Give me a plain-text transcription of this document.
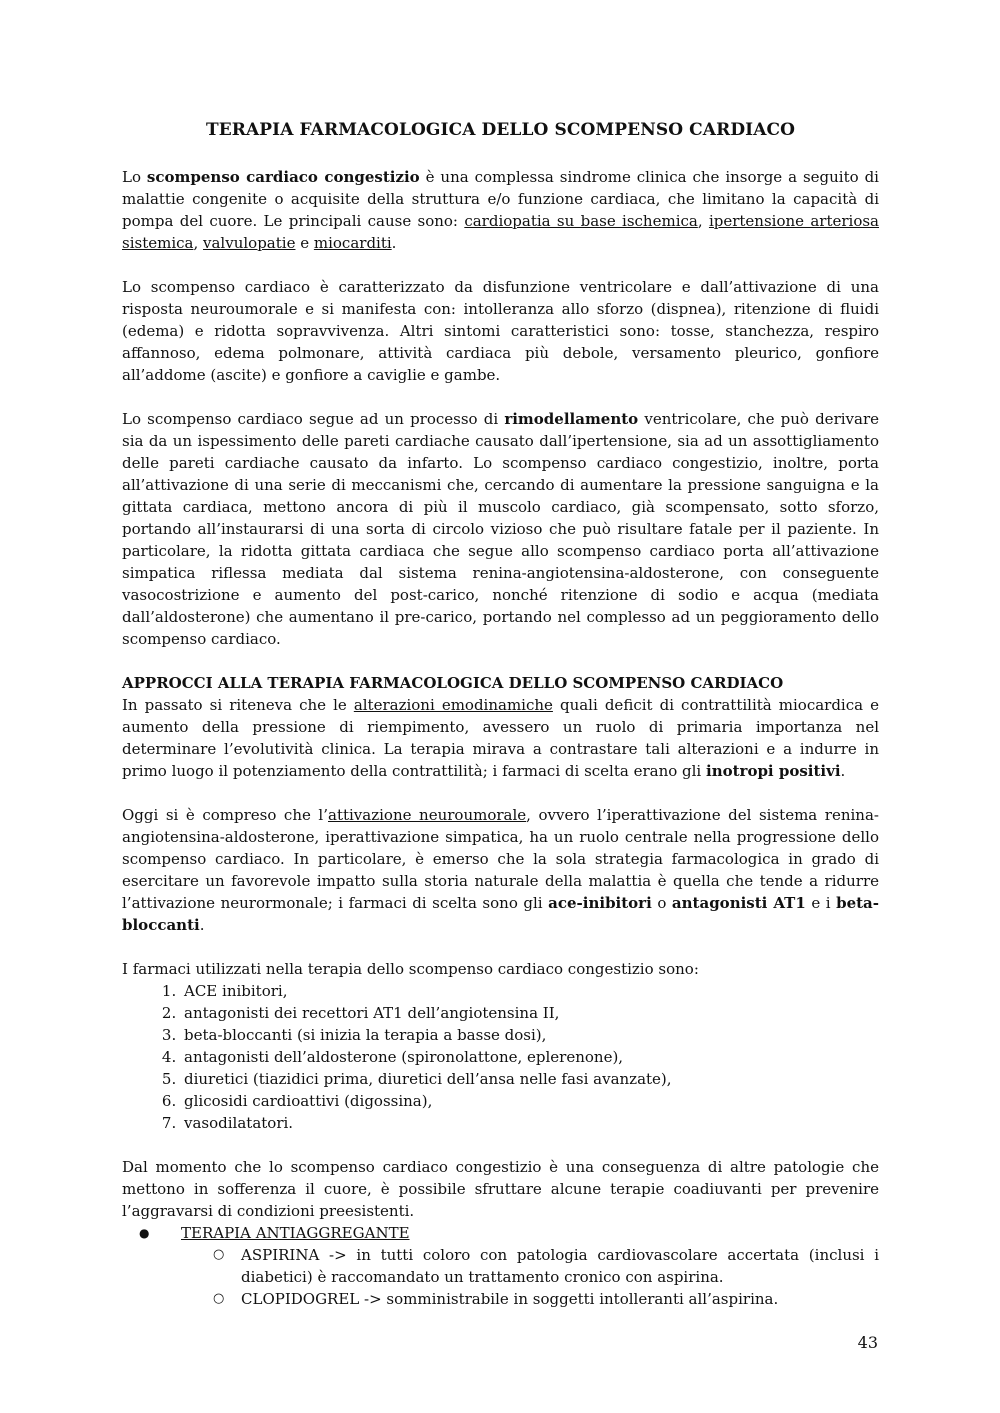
TERAPIA FARMACOLOGICA DELLO SCOMPENSO CARDIACO

Lo scompenso cardiaco congestizio è una complessa sindrome clinica che insorge a seguito di malattie congenite o acquisite della struttura e/o funzione cardiaca, che limitano la capacità di pompa del cuore. Le principali cause sono: cardiopatia su base ischemica, ipertensione arteriosa sistemica, valvulopatie e miocarditi.

Lo scompenso cardiaco è caratterizzato da disfunzione ventricolare e dall’attivazione di una risposta neuroumorale e si manifesta con: intolleranza allo sforzo (dispnea), ritenzione di fluidi (edema) e ridotta sopravvivenza. Altri sintomi caratteristici sono: tosse, stanchezza, respiro affannoso, edema polmonare, attività cardiaca più debole, versamento pleurico, gonfiore all’addome (ascite) e gonfiore a caviglie e gambe.

Lo scompenso cardiaco segue ad un processo di rimodellamento ventricolare, che può derivare sia da un ispessimento delle pareti cardiache causato dall’ipertensione, sia ad un assottigliamento delle pareti cardiache causato da infarto. Lo scompenso cardiaco congestizio, inoltre, porta all’attivazione di una serie di meccanismi che, cercando di aumentare la pressione sanguigna e la gittata cardiaca, mettono ancora di più il muscolo cardiaco, già scompensato, sotto sforzo, portando all’instaurarsi di una sorta di circolo vizioso che può risultare fatale per il paziente. In particolare, la ridotta gittata cardiaca che segue allo scompenso cardiaco porta all’attivazione simpatica riflessa mediata dal sistema renina-angiotensina-aldosterone, con conseguente vasocostrizione e aumento del post-carico, nonché ritenzione di sodio e acqua (mediata dall’aldosterone) che aumentano il pre-carico, portando nel complesso ad un peggioramento dello scompenso cardiaco.

APPROCCI ALLA TERAPIA FARMACOLOGICA DELLO SCOMPENSO CARDIACO

In passato si riteneva che le alterazioni emodinamiche quali deficit di contrattilità miocardica e aumento della pressione di riempimento, avessero un ruolo di primaria importanza nel determinare l’evolutività clinica. La terapia mirava a contrastare tali alterazioni e a indurre in primo luogo il potenziamento della contrattilità; i farmaci di scelta erano gli inotropi positivi.

Oggi si è compreso che l’attivazione neuroumorale, ovvero l’iperattivazione del sistema renina-angiotensina-aldosterone, iperattivazione simpatica, ha un ruolo centrale nella progressione dello scompenso cardiaco. In particolare, è emerso che la sola strategia farmacologica in grado di esercitare un favorevole impatto sulla storia naturale della malattia è quella che tende a ridurre l’attivazione neurormonale; i farmaci di scelta sono gli ace-inibitori o antagonisti AT1 e i beta-bloccanti.

I farmaci utilizzati nella terapia dello scompenso cardiaco congestizio sono:

1. ACE inibitori,
2. antagonisti dei recettori AT1 dell’angiotensina II,
3. beta-bloccanti (si inizia la terapia a basse dosi),
4. antagonisti dell’aldosterone (spironolattone, eplerenone),
5. diuretici (tiazidici prima, diuretici dell’ansa nelle fasi avanzate),
6. glicosidi cardioattivi (digossina),
7. vasodilatatori.

Dal momento che lo scompenso cardiaco congestizio è una conseguenza di altre patologie che mettono in sofferenza il cuore, è possibile sfruttare alcune terapie coadiuvanti per prevenire l’aggravarsi di condizioni preesistenti.

● TERAPIA ANTIAGGREGANTE
○ ASPIRINA -> in tutti coloro con patologia cardiovascolare accertata (inclusi i diabetici) è raccomandato un trattamento cronico con aspirina.
○ CLOPIDOGREL -> somministrabile in soggetti intolleranti all’aspirina.
43
